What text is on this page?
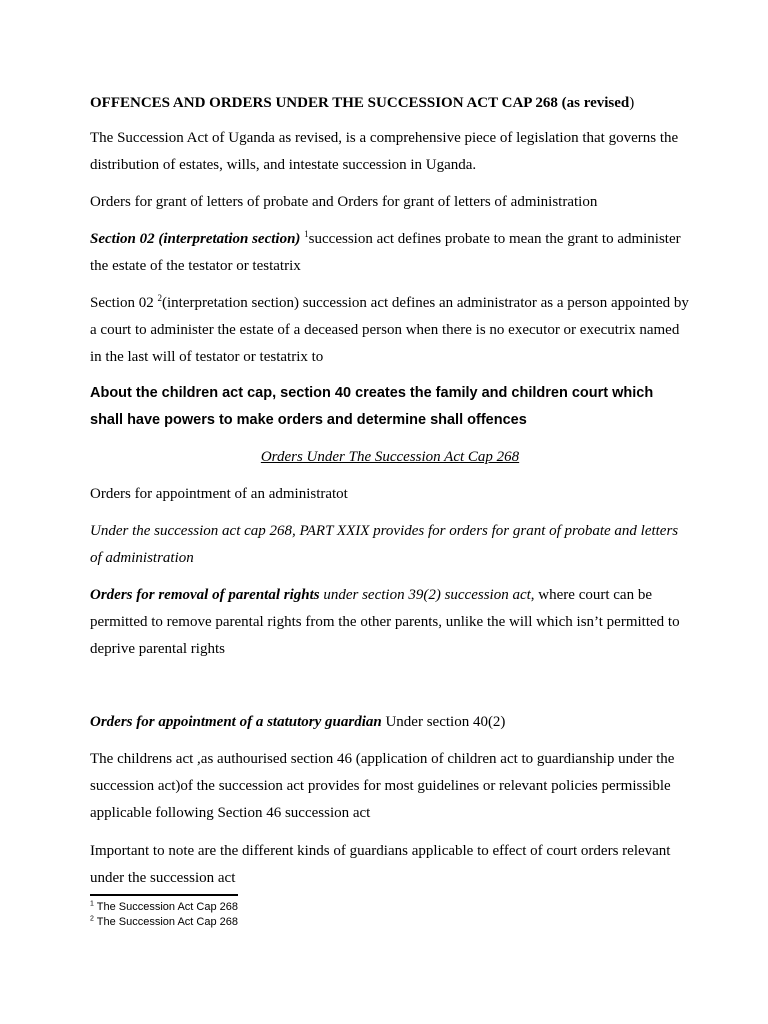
OFFENCES AND ORDERS UNDER THE SUCCESSION ACT CAP 268 (as revised)

The Succession Act of Uganda as revised, is a comprehensive piece of legislation that governs the distribution of estates, wills, and intestate succession in Uganda.

Orders for grant of letters of probate and Orders for grant of letters of administration

Section 02 (interpretation section) $^1$succession act defines probate to mean the grant to administer the estate of the testator or testatrix

Section 02 $^2$(interpretation section) succession act defines an administrator as a person appointed by a court to administer the estate of a deceased person when there is no executor or executrix named in the last will of testator or testatrix to

About the children act cap, section 40 creates the family and children court which shall have powers to make orders and determine shall offences

Orders Under The Succession Act Cap 268

Orders for appointment of an administratot

Under the succession act cap 268, PART XXIX provides for orders for grant of probate and letters of administration

Orders for removal of parental rights under section 39(2) succession act, where court can be permitted to remove parental rights from the other parents, unlike the will which isn’t permitted to deprive parental rights

Orders for appointment of a statutory guardian Under section 40(2)

The childrens act ,as authourised section 46 (application of children act to guardianship under the succession act)of the succession act provides for most guidelines or relevant policies permissible applicable following Section 46 succession act

Important to note are the different kinds of guardians applicable to effect of court orders relevant under the succession act

$^1$ The Succession Act Cap 268
$^2$ The Succession Act Cap 268
